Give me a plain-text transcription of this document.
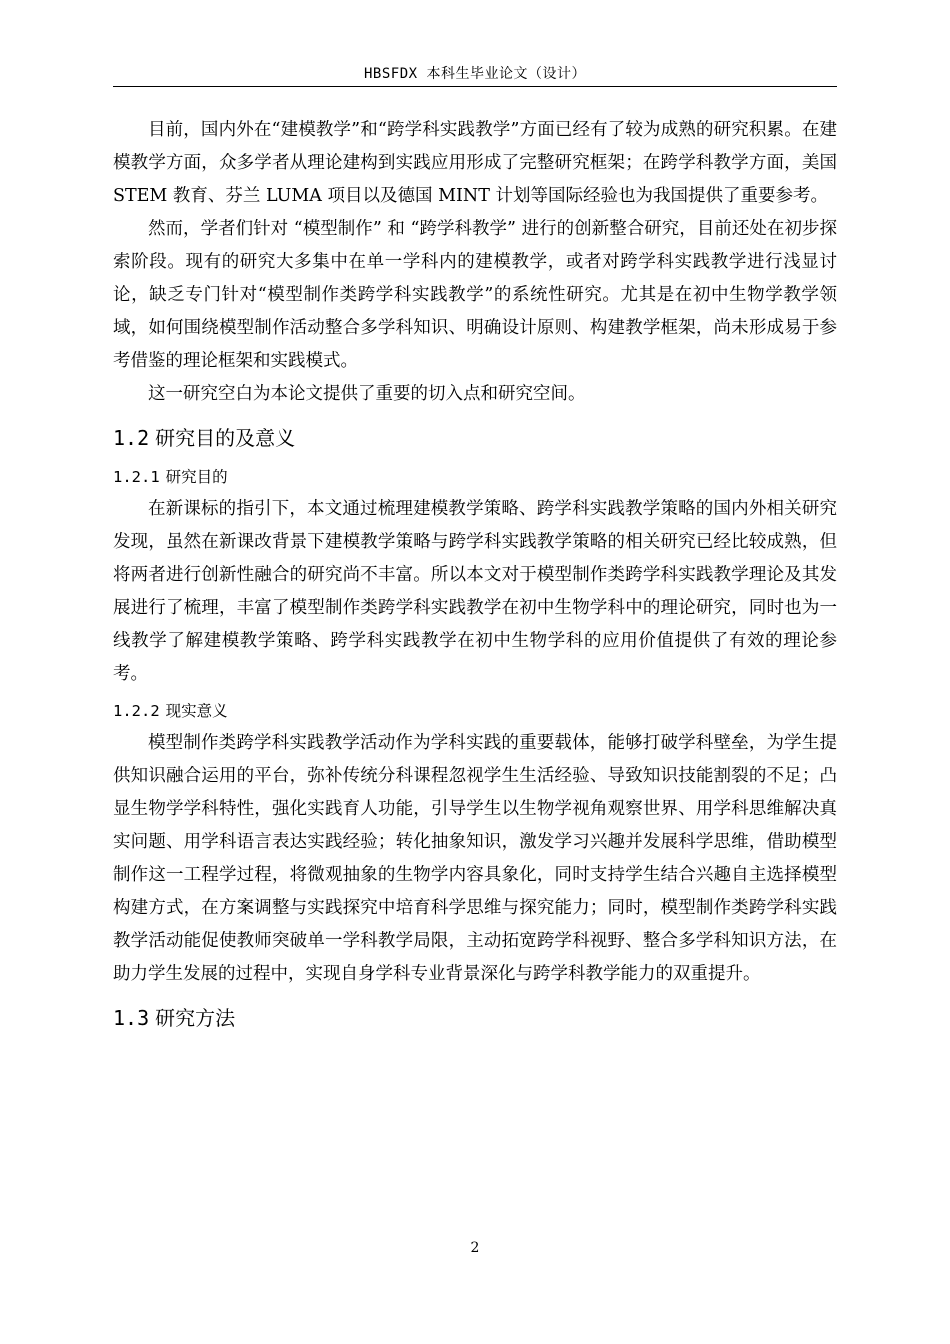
HBSFDX 本科生毕业论文（设计）

目前，国内外在“建模教学”和“跨学科实践教学”方面已经有了较为成熟的研究积累。在建模教学方面，众多学者从理论建构到实践应用形成了完整研究框架；在跨学科教学方面，美国 STEM 教育、芬兰 LUMA 项目以及德国 MINT 计划等国际经验也为我国提供了重要参考。

然而，学者们针对 “模型制作” 和 “跨学科教学” 进行的创新整合研究，目前还处在初步探索阶段。现有的研究大多集中在单一学科内的建模教学，或者对跨学科实践教学进行浅显讨论，缺乏专门针对“模型制作类跨学科实践教学”的系统性研究。尤其是在初中生物学教学领域，如何围绕模型制作活动整合多学科知识、明确设计原则、构建教学框架，尚未形成易于参考借鉴的理论框架和实践模式。

这一研究空白为本论文提供了重要的切入点和研究空间。

1.2 研究目的及意义
1.2.1 研究目的

在新课标的指引下，本文通过梳理建模教学策略、跨学科实践教学策略的国内外相关研究发现，虽然在新课改背景下建模教学策略与跨学科实践教学策略的相关研究已经比较成熟，但将两者进行创新性融合的研究尚不丰富。所以本文对于模型制作类跨学科实践教学理论及其发展进行了梳理，丰富了模型制作类跨学科实践教学在初中生物学科中的理论研究，同时也为一线教学了解建模教学策略、跨学科实践教学在初中生物学科的应用价值提供了有效的理论参考。

1.2.2 现实意义

模型制作类跨学科实践教学活动作为学科实践的重要载体，能够打破学科壁垒，为学生提供知识融合运用的平台，弥补传统分科课程忽视学生生活经验、导致知识技能割裂的不足；凸显生物学学科特性，强化实践育人功能，引导学生以生物学视角观察世界、用学科思维解决真实问题、用学科语言表达实践经验；转化抽象知识，激发学习兴趣并发展科学思维，借助模型制作这一工程学过程，将微观抽象的生物学内容具象化，同时支持学生结合兴趣自主选择模型构建方式，在方案调整与实践探究中培育科学思维与探究能力；同时，模型制作类跨学科实践教学活动能促使教师突破单一学科教学局限，主动拓宽跨学科视野、整合多学科知识方法，在助力学生发展的过程中，实现自身学科专业背景深化与跨学科教学能力的双重提升。

1.3 研究方法
2
